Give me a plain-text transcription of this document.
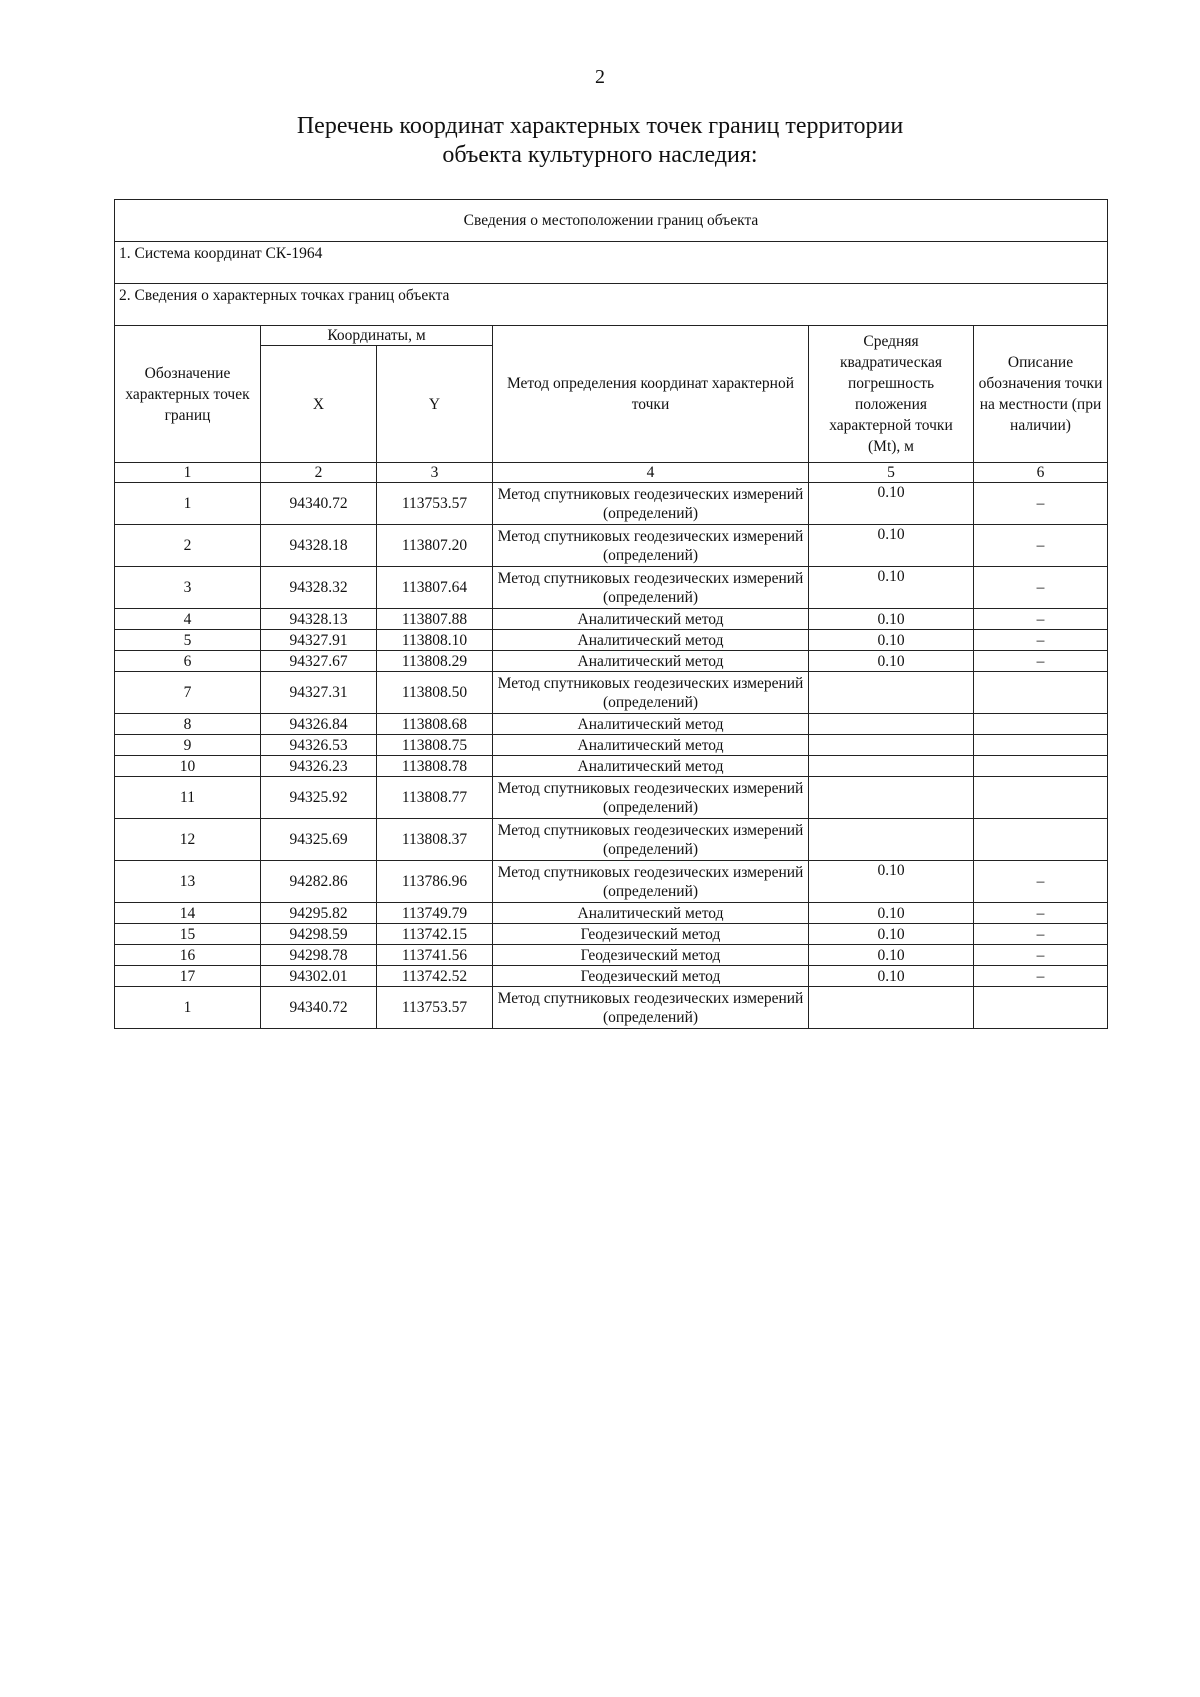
2
Перечень координат характерных точек границ территории
объекта культурного наследия:
Сведения о местоположении границ объекта					
1. Система координат СК-1964					
2. Сведения о характерных точках границ объекта					
Обозначение характерных точек границ	Координаты, м		Метод определения координат характерной точки	Средняя квадратическая погрешность положения характерной точки (Mt), м	Описание обозначения точки на местности (при наличии)
	X	Y			
1	2	3	4	5	6
1	94340.72	113753.57	Метод спутниковых геодезических измерений (определений)	0.10	–
2	94328.18	113807.20	Метод спутниковых геодезических измерений (определений)	0.10	–
3	94328.32	113807.64	Метод спутниковых геодезических измерений (определений)	0.10	–
4	94328.13	113807.88	Аналитический метод	0.10	–
5	94327.91	113808.10	Аналитический метод	0.10	–
6	94327.67	113808.29	Аналитический метод	0.10	–
7	94327.31	113808.50	Метод спутниковых геодезических измерений (определений)		
8	94326.84	113808.68	Аналитический метод		
9	94326.53	113808.75	Аналитический метод		
10	94326.23	113808.78	Аналитический метод		
11	94325.92	113808.77	Метод спутниковых геодезических измерений (определений)		
12	94325.69	113808.37	Метод спутниковых геодезических измерений (определений)		
13	94282.86	113786.96	Метод спутниковых геодезических измерений (определений)	0.10	–
14	94295.82	113749.79	Аналитический метод	0.10	–
15	94298.59	113742.15	Геодезический метод	0.10	–
16	94298.78	113741.56	Геодезический метод	0.10	–
17	94302.01	113742.52	Геодезический метод	0.10	–
1	94340.72	113753.57	Метод спутниковых геодезических измерений (определений)		
